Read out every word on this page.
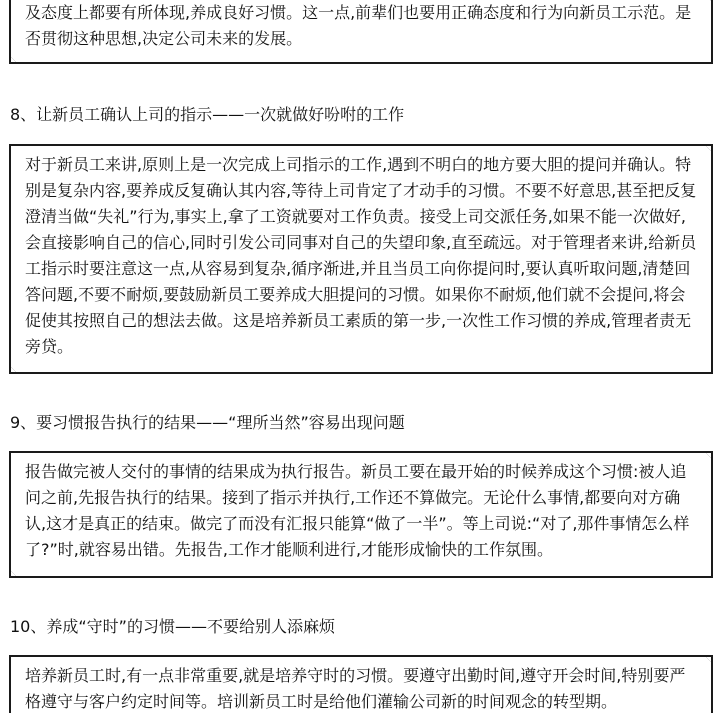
及态度上都要有所体现,养成良好习惯。这一点,前辈们也要用正确态度和行为向新员工示范。是否贯彻这种思想,决定公司未来的发展。
8、让新员工确认上司的指示——一次就做好吩咐的工作
对于新员工来讲,原则上是一次完成上司指示的工作,遇到不明白的地方要大胆的提问并确认。特别是复杂内容,要养成反复确认其内容,等待上司肯定了才动手的习惯。不要不好意思,甚至把反复澄清当做“失礼”行为,事实上,拿了工资就要对工作负责。接受上司交派任务,如果不能一次做好,会直接影响自己的信心,同时引发公司同事对自己的失望印象,直至疏远。对于管理者来讲,给新员工指示时要注意这一点,从容易到复杂,循序渐进,并且当员工向你提问时,要认真听取问题,清楚回答问题,不要不耐烦,要鼓励新员工要养成大胆提问的习惯。如果你不耐烦,他们就不会提问,将会促使其按照自己的想法去做。这是培养新员工素质的第一步,一次性工作习惯的养成,管理者责无旁贷。
9、要习惯报告执行的结果——“理所当然”容易出现问题
报告做完被人交付的事情的结果成为执行报告。新员工要在最开始的时候养成这个习惯:被人追问之前,先报告执行的结果。接到了指示并执行,工作还不算做完。无论什么事情,都要向对方确认,这才是真正的结束。做完了而没有汇报只能算“做了一半”。等上司说:“对了,那件事情怎么样了?”时,就容易出错。先报告,工作才能顺利进行,才能形成愉快的工作氛围。
10、养成“守时”的习惯——不要给别人添麻烦
培养新员工时,有一点非常重要,就是培养守时的习惯。要遵守出勤时间,遵守开会时间,特别要严格遵守与客户约定时间等。培训新员工时是给他们灌输公司新的时间观念的转型期。
